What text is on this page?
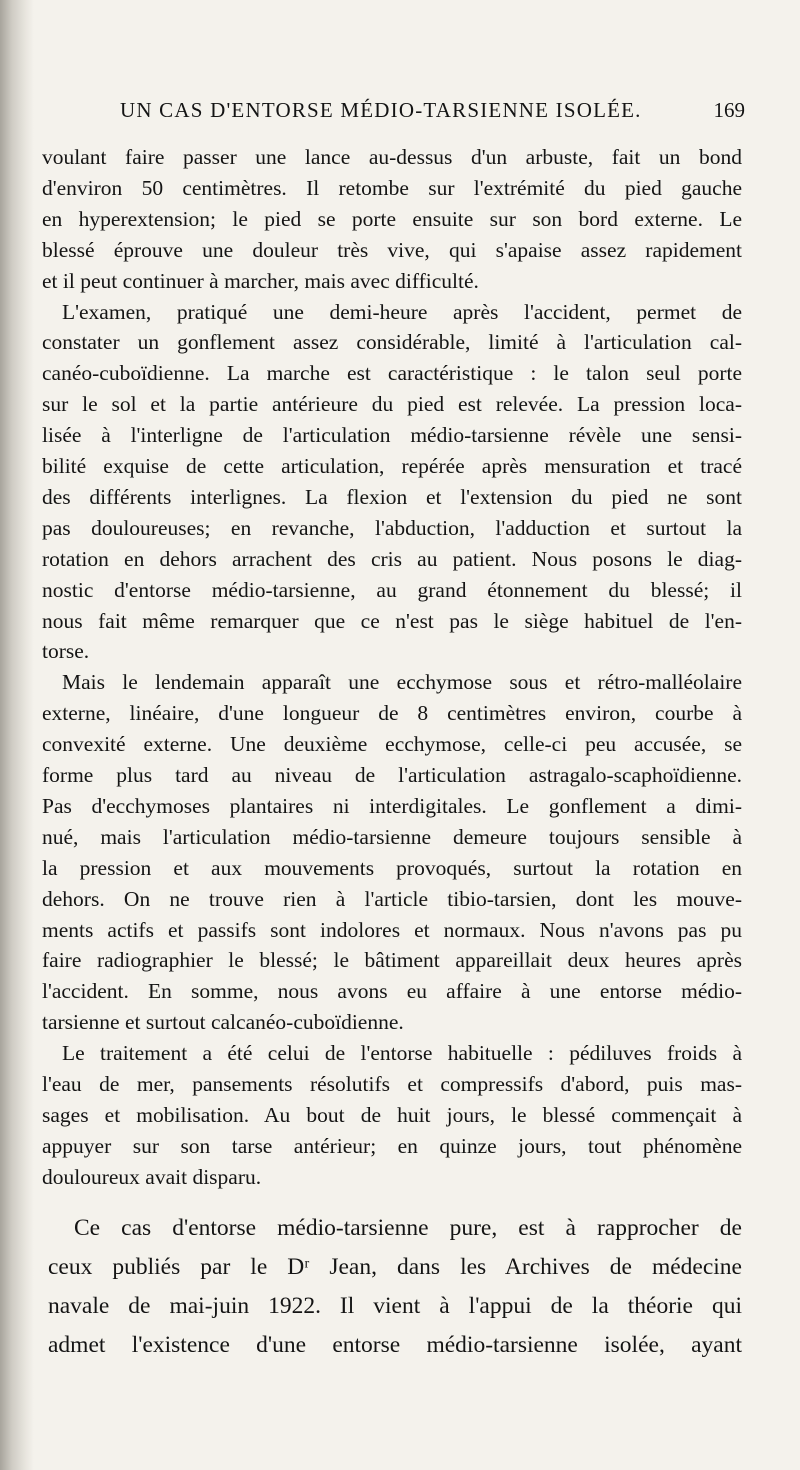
UN CAS D'ENTORSE MÉDIO-TARSIENNE ISOLÉE.	169
voulant faire passer une lance au-dessus d'un arbuste, fait un bond
d'environ 50 centimètres. Il retombe sur l'extrémité du pied gauche
en hyperextension; le pied se porte ensuite sur son bord externe. Le
blessé éprouve une douleur très vive, qui s'apaise assez rapidement
et il peut continuer à marcher, mais avec difficulté.
L'examen, pratiqué une demi-heure après l'accident, permet de
constater un gonflement assez considérable, limité à l'articulation cal-
canéo-cuboïdienne. La marche est caractéristique : le talon seul porte
sur le sol et la partie antérieure du pied est relevée. La pression loca-
lisée à l'interligne de l'articulation médio-tarsienne révèle une sensi-
bilité exquise de cette articulation, repérée après mensuration et tracé
des différents interlignes. La flexion et l'extension du pied ne sont
pas douloureuses; en revanche, l'abduction, l'adduction et surtout la
rotation en dehors arrachent des cris au patient. Nous posons le diag-
nostic d'entorse médio-tarsienne, au grand étonnement du blessé; il
nous fait même remarquer que ce n'est pas le siège habituel de l'en-
torse.
Mais le lendemain apparaît une ecchymose sous et rétro-malléolaire
externe, linéaire, d'une longueur de 8 centimètres environ, courbe à
convexité externe. Une deuxième ecchymose, celle-ci peu accusée, se
forme plus tard au niveau de l'articulation astragalo-scaphoïdienne.
Pas d'ecchymoses plantaires ni interdigitales. Le gonflement a dimi-
nué, mais l'articulation médio-tarsienne demeure toujours sensible à
la pression et aux mouvements provoqués, surtout la rotation en
dehors. On ne trouve rien à l'article tibio-tarsien, dont les mouve-
ments actifs et passifs sont indolores et normaux. Nous n'avons pas pu
faire radiographier le blessé; le bâtiment appareillait deux heures après
l'accident. En somme, nous avons eu affaire à une entorse médio-
tarsienne et surtout calcanéo-cuboïdienne.
Le traitement a été celui de l'entorse habituelle : pédiluves froids à
l'eau de mer, pansements résolutifs et compressifs d'abord, puis mas-
sages et mobilisation. Au bout de huit jours, le blessé commençait à
appuyer sur son tarse antérieur; en quinze jours, tout phénomène
douloureux avait disparu.
Ce cas d'entorse médio-tarsienne pure, est à rapprocher de
ceux publiés par le Dʳ Jean, dans les Archives de médecine
navale de mai-juin 1922. Il vient à l'appui de la théorie qui
admet l'existence d'une entorse médio-tarsienne isolée, ayant
